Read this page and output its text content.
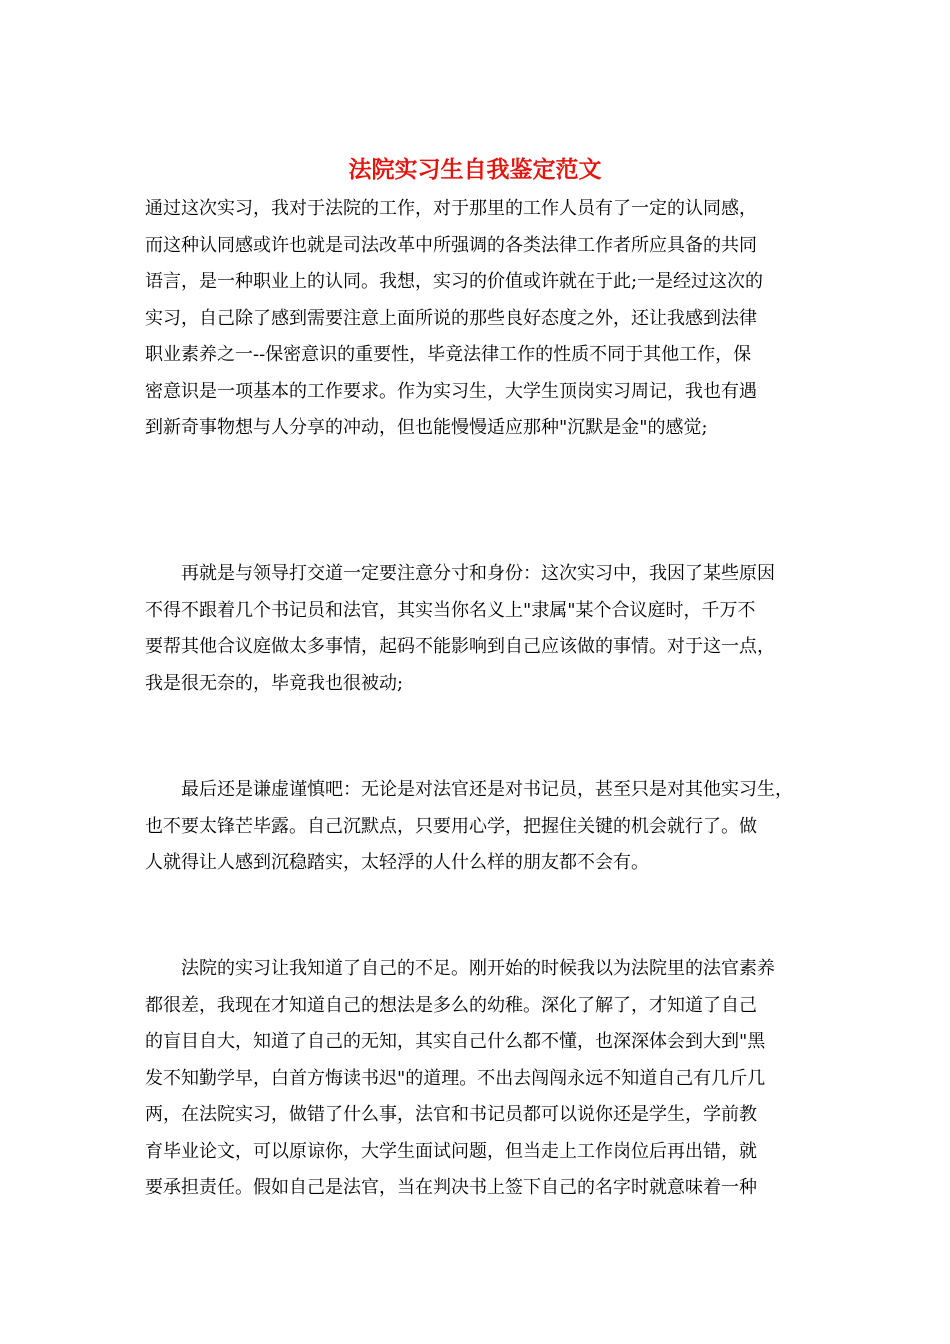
法院实习生自我鉴定范文
通过这次实习，我对于法院的工作，对于那里的工作人员有了一定的认同感，
而这种认同感或许也就是司法改革中所强调的各类法律工作者所应具备的共同
语言，是一种职业上的认同。我想，实习的价值或许就在于此;一是经过这次的
实习，自己除了感到需要注意上面所说的那些良好态度之外，还让我感到法律
职业素养之一--保密意识的重要性，毕竟法律工作的性质不同于其他工作，保
密意识是一项基本的工作要求。作为实习生，大学生顶岗实习周记，我也有遇
到新奇事物想与人分享的冲动，但也能慢慢适应那种"沉默是金"的感觉;
　　再就是与领导打交道一定要注意分寸和身份：这次实习中，我因了某些原因
不得不跟着几个书记员和法官，其实当你名义上"隶属"某个合议庭时，千万不
要帮其他合议庭做太多事情，起码不能影响到自己应该做的事情。对于这一点，
我是很无奈的，毕竟我也很被动;
　　最后还是谦虚谨慎吧：无论是对法官还是对书记员，甚至只是对其他实习生，
也不要太锋芒毕露。自己沉默点，只要用心学，把握住关键的机会就行了。做
人就得让人感到沉稳踏实，太轻浮的人什么样的朋友都不会有。
　　法院的实习让我知道了自己的不足。刚开始的时候我以为法院里的法官素养
都很差，我现在才知道自己的想法是多么的幼稚。深化了解了，才知道了自己
的盲目自大，知道了自己的无知，其实自己什么都不懂，也深深体会到大到"黑
发不知勤学早，白首方悔读书迟"的道理。不出去闯闯永远不知道自己有几斤几
两，在法院实习，做错了什么事，法官和书记员都可以说你还是学生，学前教
育毕业论文，可以原谅你，大学生面试问题，但当走上工作岗位后再出错，就
要承担责任。假如自己是法官，当在判决书上签下自己的名字时就意味着一种
